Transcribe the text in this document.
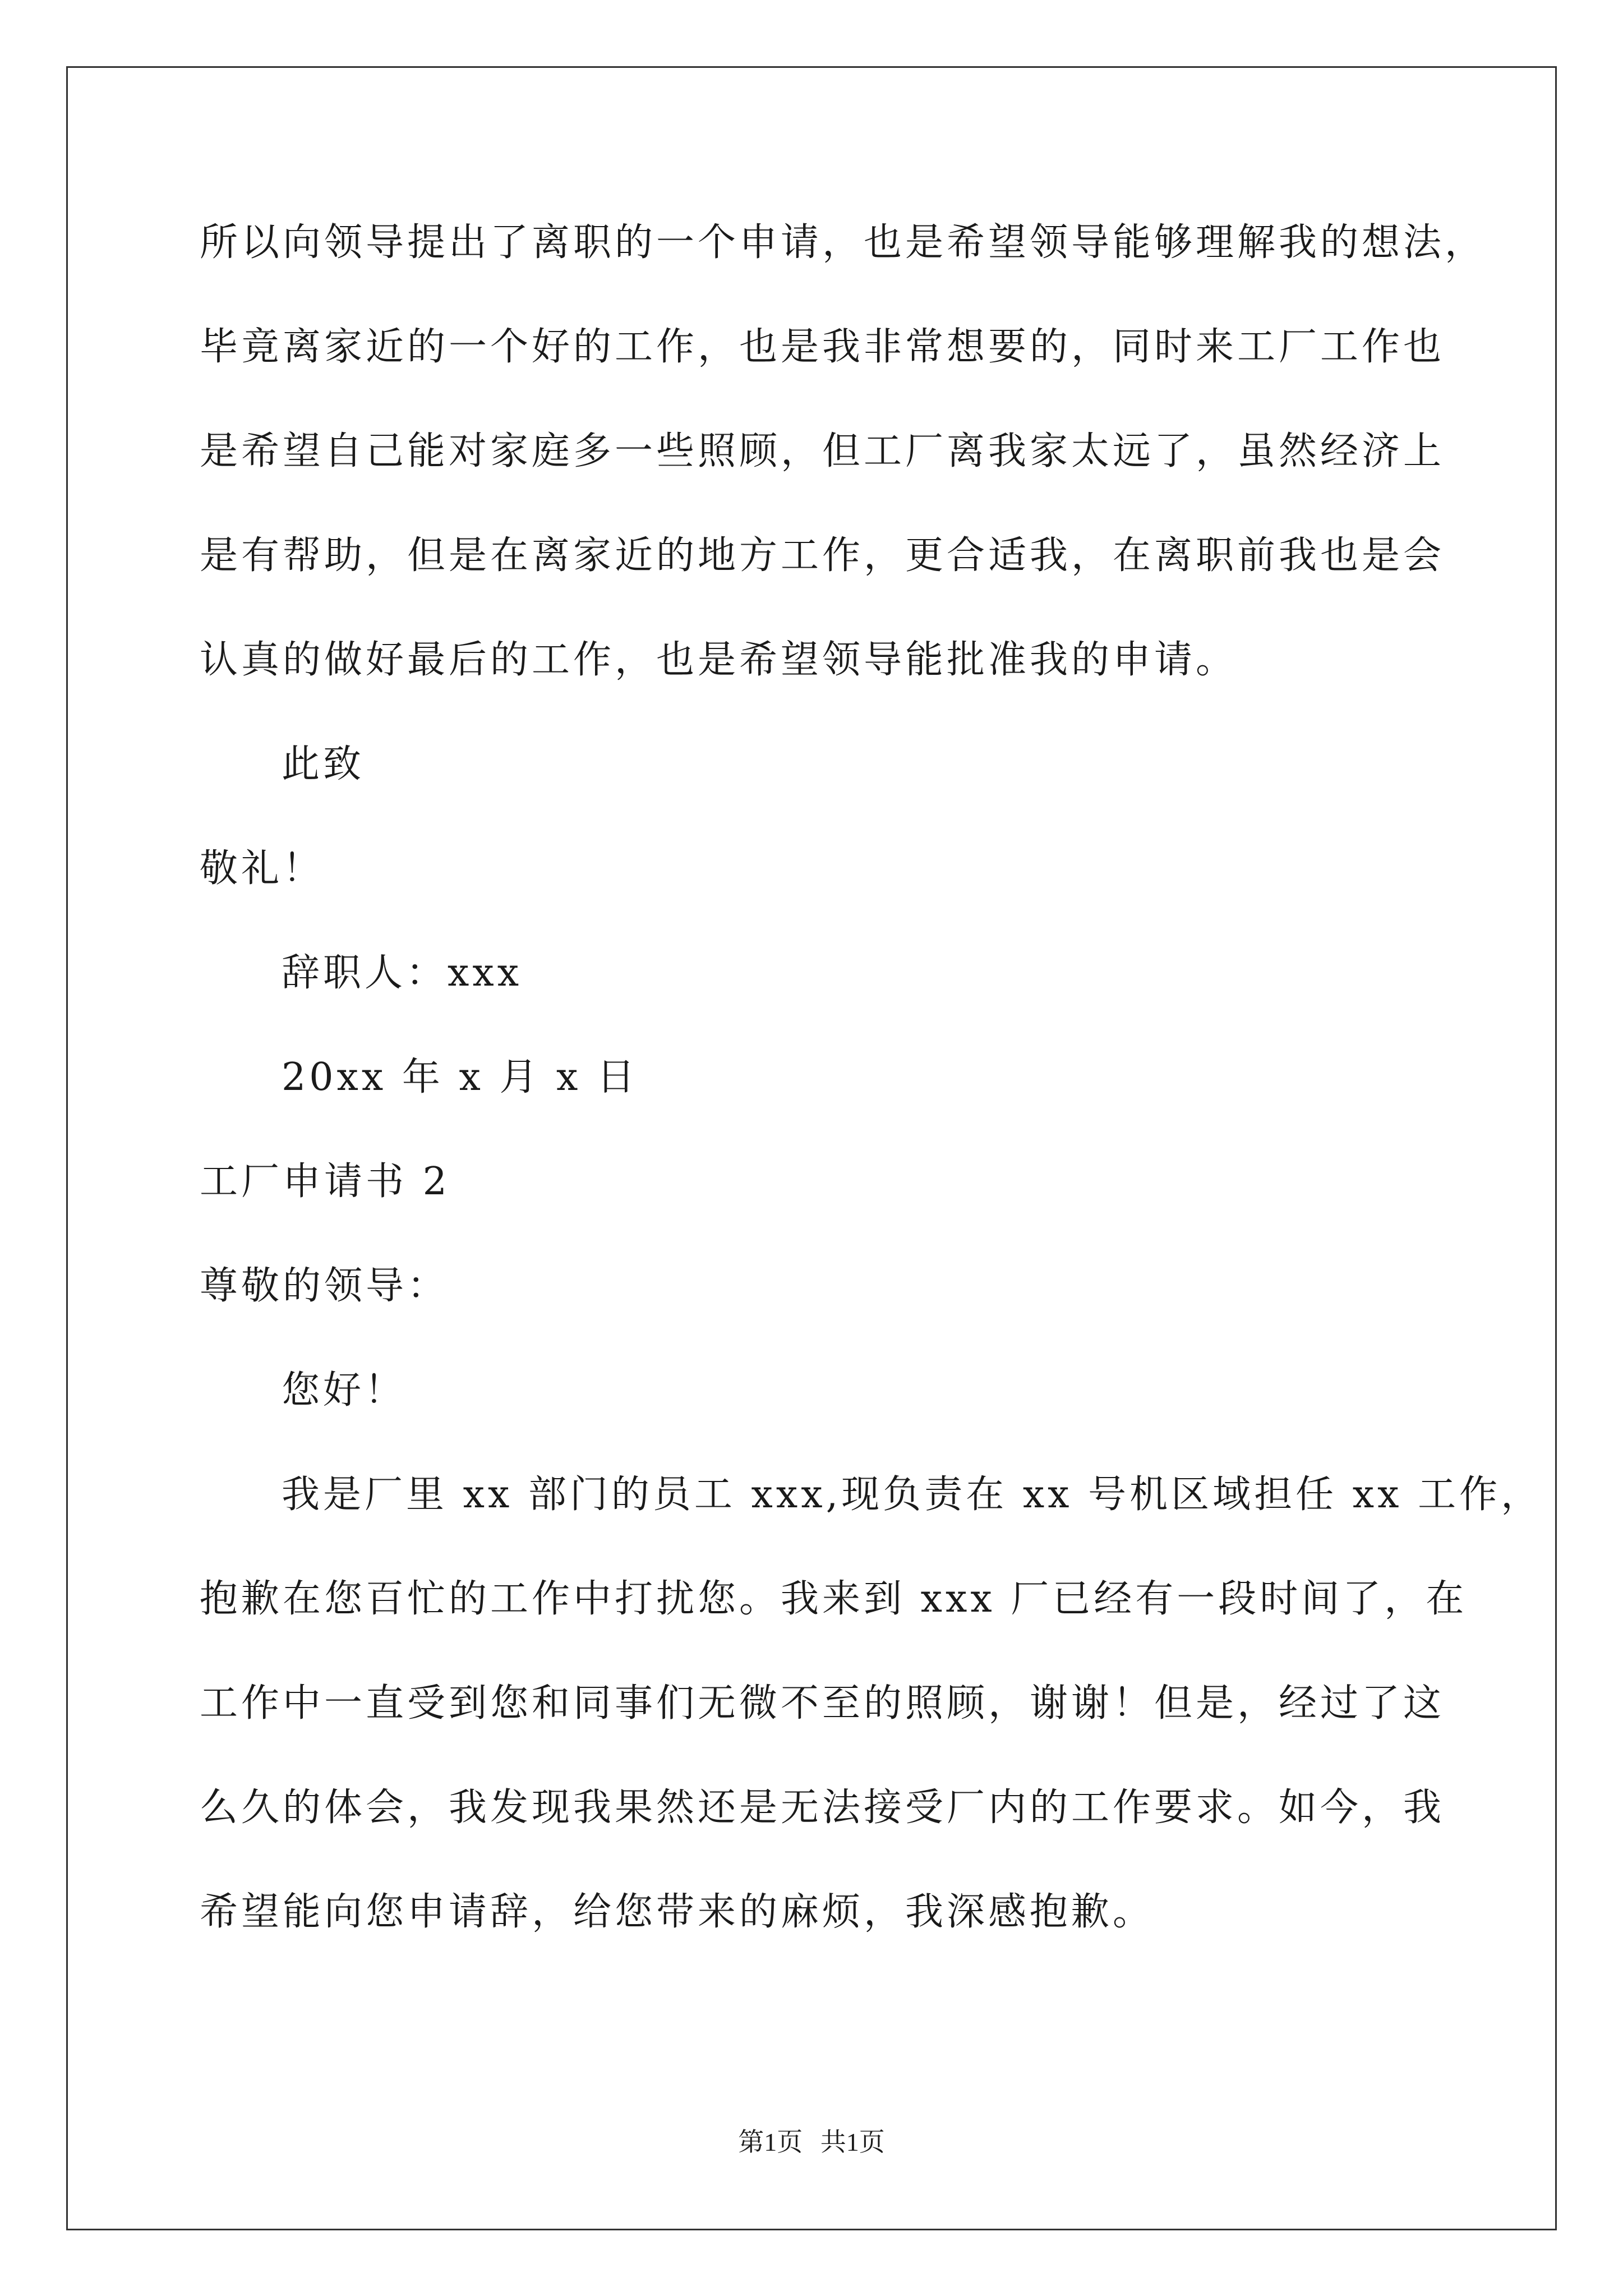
所以向领导提出了离职的一个申请，也是希望领导能够理解我的想法，
毕竟离家近的一个好的工作，也是我非常想要的，同时来工厂工作也
是希望自己能对家庭多一些照顾，但工厂离我家太远了，虽然经济上
是有帮助，但是在离家近的地方工作，更合适我，在离职前我也是会
认真的做好最后的工作，也是希望领导能批准我的申请。
此致
敬礼！
辞职人：xxx
20xx 年 x 月 x 日
工厂申请书 2
尊敬的领导：
您好！
我是厂里 xx 部门的员工 xxx,现负责在 xx 号机区域担任 xx 工作，
抱歉在您百忙的工作中打扰您。我来到 xxx 厂已经有一段时间了，在
工作中一直受到您和同事们无微不至的照顾，谢谢！但是，经过了这
么久的体会，我发现我果然还是无法接受厂内的工作要求。如今，我
希望能向您申请辞，给您带来的麻烦，我深感抱歉。
第1页 共1页
